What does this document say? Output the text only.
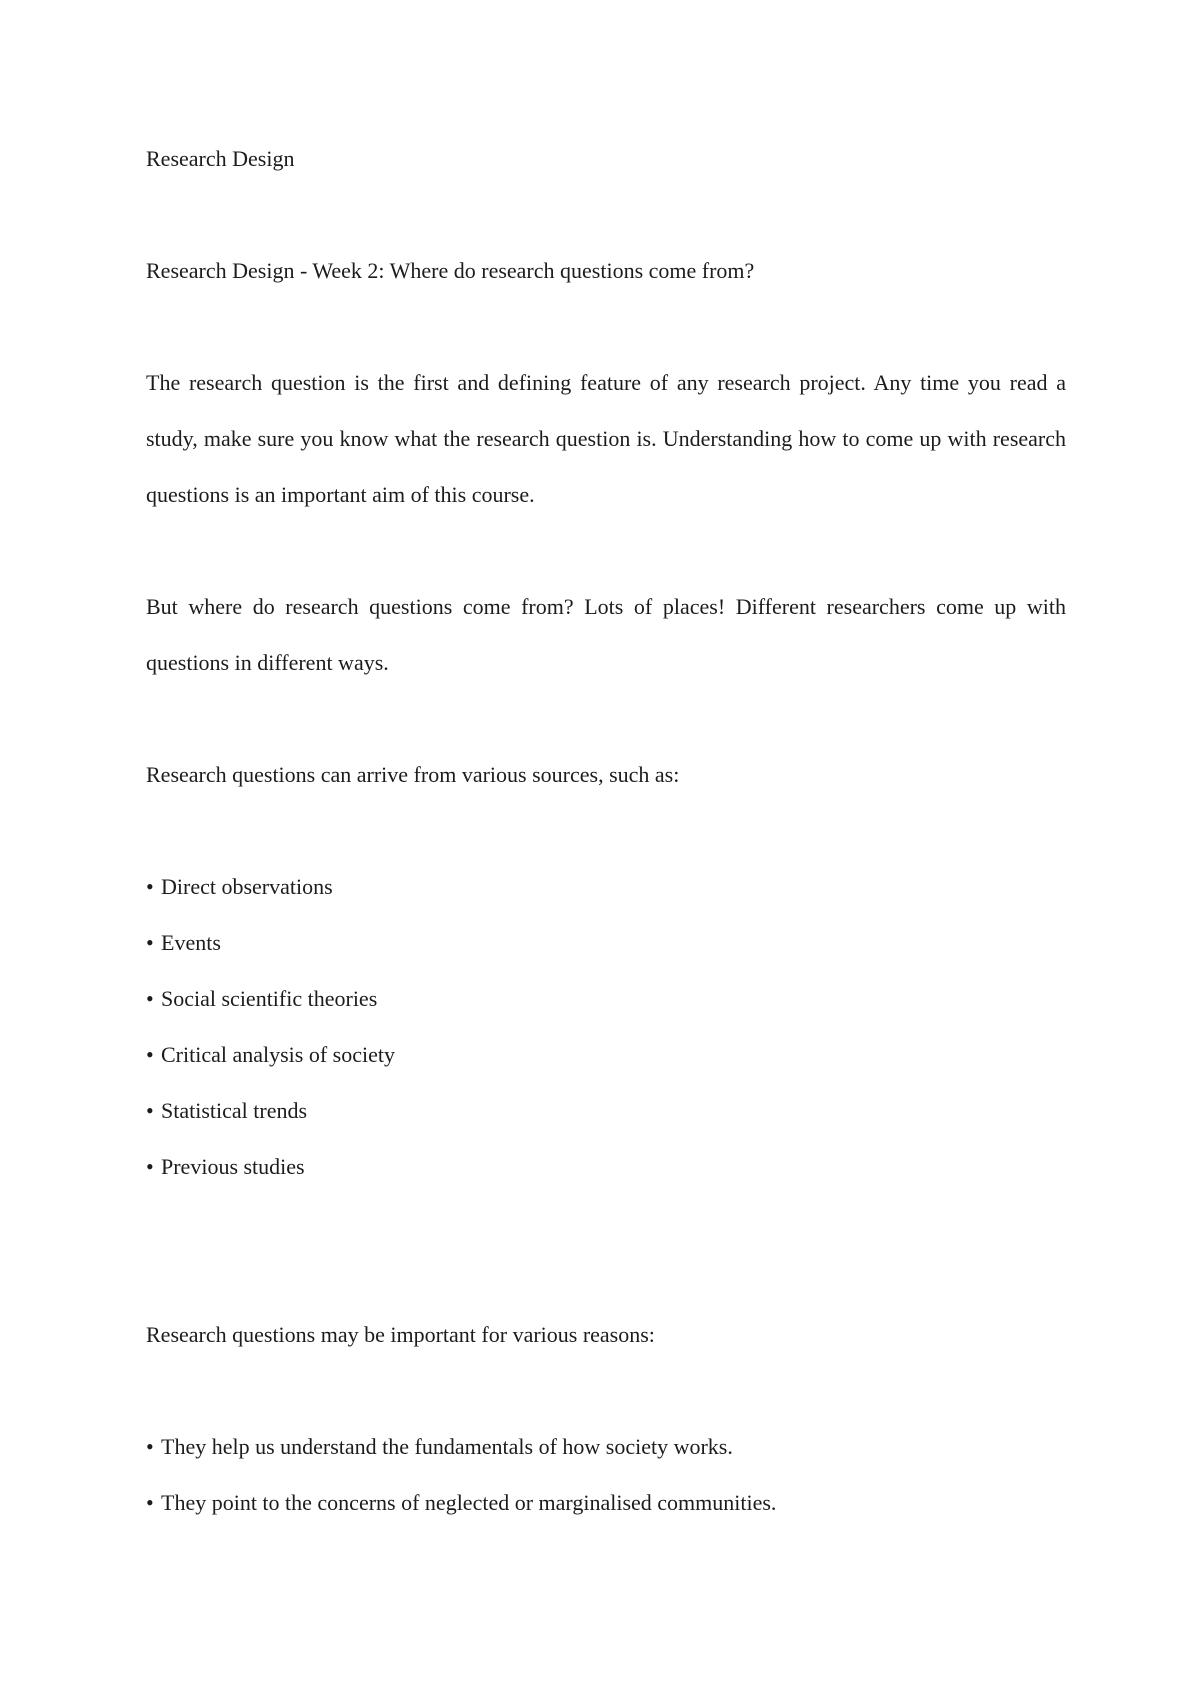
Research Design

Research Design - Week 2: Where do research questions come from?

The research question is the first and defining feature of any research project. Any time you read a study, make sure you know what the research question is. Understanding how to come up with research questions is an important aim of this course.

But where do research questions come from? Lots of places! Different researchers come up with questions in different ways.

Research questions can arrive from various sources, such as:

• Direct observations
• Events
• Social scientific theories
• Critical analysis of society
• Statistical trends
• Previous studies

Research questions may be important for various reasons:

• They help us understand the fundamentals of how society works.
• They point to the concerns of neglected or marginalised communities.
